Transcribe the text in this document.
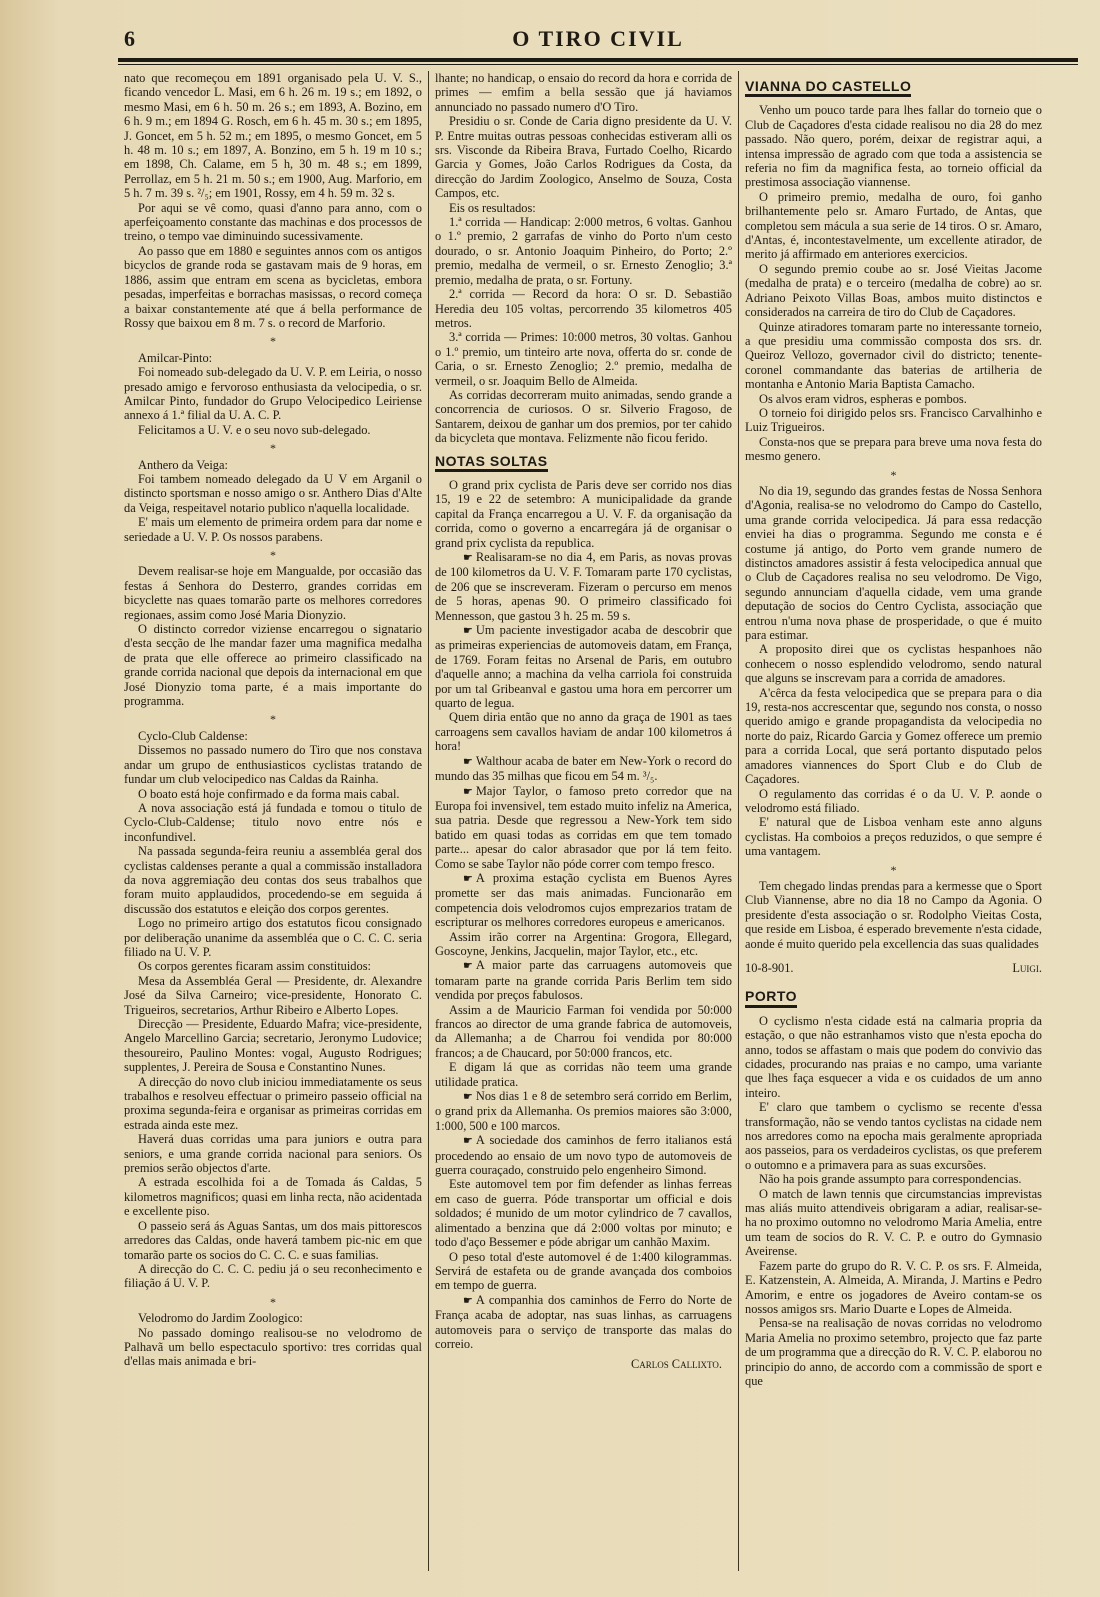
6	O TIRO CIVIL

nato que recomeçou em 1891 organisado pela U. V. S., ficando vencedor L. Masi, em 6 h. 26 m. 19 s.; em 1892, o mesmo Masi, em 6 h. 50 m. 26 s.; em 1893, A. Bozino, em 6 h. 9 m.; em 1894 G. Rosch, em 6 h. 45 m. 30 s.; em 1895, J. Goncet, em 5 h. 52 m.; em 1895, o mesmo Goncet, em 5 h. 48 m. 10 s.; em 1897, A. Bonzino, em 5 h. 19 m 10 s.; em 1898, Ch. Calame, em 5 h, 30 m. 48 s.; em 1899, Perrollaz, em 5 h. 21 m. 50 s.; em 1900, Aug. Marforio, em 5 h. 7 m. 39 s. ²/₅; em 1901, Rossy, em 4 h. 59 m. 32 s.

Por aqui se vê como, quasi d'anno para anno, com o aperfeiçoamento constante das machinas e dos processos de treino, o tempo vae diminuindo sucessivamente.

Ao passo que em 1880 e seguintes annos com os antigos bicyclos de grande roda se gastavam mais de 9 horas, em 1886, assim que entram em scena as bycicletas, embora pesadas, imperfeitas e borrachas masissas, o record começa a baixar constantemente até que á bella performance de Rossy que baixou em 8 m. 7 s. o record de Marforio.

*

Amilcar-Pinto:

Foi nomeado sub-delegado da U. V. P. em Leiria, o nosso presado amigo e fervoroso enthusiasta da velocipedia, o sr. Amilcar Pinto, fundador do Grupo Velocipedico Leiriense annexo á 1.ª filial da U. A. C. P.

Felicitamos a U. V. e o seu novo sub-delegado.

*

Anthero da Veiga:

Foi tambem nomeado delegado da U V em Arganil o distincto sportsman e nosso amigo o sr. Anthero Dias d'Alte da Veiga, respeitavel notario publico n'aquella localidade.

E' mais um elemento de primeira ordem para dar nome e seriedade a U. V. P. Os nossos parabens.

*

Devem realisar-se hoje em Mangualde, por occasião das festas á Senhora do Desterro, grandes corridas em bicyclette nas quaes tomarão parte os melhores corredores regionaes, assim como José Maria Dionyzio.

O distincto corredor viziense encarregou o signatario d'esta secção de lhe mandar fazer uma magnifica medalha de prata que elle offerece ao primeiro classificado na grande corrida nacional que depois da internacional em que José Dionyzio toma parte, é a mais importante do programma.

*

Cyclo-Club Caldense:

Dissemos no passado numero do Tiro que nos constava andar um grupo de enthusiasticos cyclistas tratando de fundar um club velocipedico nas Caldas da Rainha.

O boato está hoje confirmado e da forma mais cabal.

A nova associação está já fundada e tomou o titulo de Cyclo-Club-Caldense; titulo novo entre nós e inconfundivel.

Na passada segunda-feira reuniu a assembléa geral dos cyclistas caldenses perante a qual a commissão installadora da nova aggremiação deu contas dos seus trabalhos que foram muito applaudidos, procedendo-se em seguida á discussão dos estatutos e eleição dos corpos gerentes.

Logo no primeiro artigo dos estatutos ficou consignado por deliberação unanime da assembléa que o C. C. C. seria filiado na U. V. P.

Os corpos gerentes ficaram assim constituidos:

Mesa da Assembléa Geral — Presidente, dr. Alexandre José da Silva Carneiro; vice-presidente, Honorato C. Trigueiros, secretarios, Arthur Ribeiro e Alberto Lopes.

Direcção — Presidente, Eduardo Mafra; vice-presidente, Angelo Marcellino Garcia; secretario, Jeronymo Ludovice; thesoureiro, Paulino Montes: vogal, Augusto Rodrigues; supplentes, J. Pereira de Sousa e Constantino Nunes.

A direcção do novo club iniciou immediatamente os seus trabalhos e resolveu effectuar o primeiro passeio official na proxima segunda-feira e organisar as primeiras corridas em estrada ainda este mez.

Haverá duas corridas uma para juniors e outra para seniors, e uma grande corrida nacional para seniors. Os premios serão objectos d'arte.

A estrada escolhida foi a de Tomada ás Caldas, 5 kilometros magnificos; quasi em linha recta, não acidentada e excellente piso.

O passeio será ás Aguas Santas, um dos mais pittorescos arredores das Caldas, onde haverá tambem pic-nic em que tomarão parte os socios do C. C. C. e suas familias.

A direcção do C. C. C. pediu já o seu reconhecimento e filiação á U. V. P.

*

Velodromo do Jardim Zoologico:

No passado domingo realisou-se no velodromo de Palhavã um bello espectaculo sportivo: tres corridas qual d'ellas mais animada e bri-

lhante; no handicap, o ensaio do record da hora e corrida de primes — emfim a bella sessão que já haviamos annunciado no passado numero d'O Tiro.

Presidiu o sr. Conde de Caria digno presidente da U. V. P. Entre muitas outras pessoas conhecidas estiveram alli os srs. Visconde da Ribeira Brava, Furtado Coelho, Ricardo Garcia y Gomes, João Carlos Rodrigues da Costa, da direcção do Jardim Zoologico, Anselmo de Souza, Costa Campos, etc.

Eis os resultados:

1.ª corrida — Handicap: 2:000 metros, 6 voltas. Ganhou o 1.º premio, 2 garrafas de vinho do Porto n'um cesto dourado, o sr. Antonio Joaquim Pinheiro, do Porto; 2.º premio, medalha de vermeil, o sr. Ernesto Zenoglio; 3.ª premio, medalha de prata, o sr. Fortuny.

2.ª corrida — Record da hora: O sr. D. Sebastião Heredia deu 105 voltas, percorrendo 35 kilometros 405 metros.

3.ª corrida — Primes: 10:000 metros, 30 voltas. Ganhou o 1.º premio, um tinteiro arte nova, offerta do sr. conde de Caria, o sr. Ernesto Zenoglio; 2.º premio, medalha de vermeil, o sr. Joaquim Bello de Almeida.

As corridas decorreram muito animadas, sendo grande a concorrencia de curiosos. O sr. Silverio Fragoso, de Santarem, deixou de ganhar um dos premios, por ter cahido da bicycleta que montava. Felizmente não ficou ferido.

NOTAS SOLTAS

O grand prix cyclista de Paris deve ser corrido nos dias 15, 19 e 22 de setembro: A municipalidade da grande capital da França encarregou a U. V. F. da organisação da corrida, como o governo a encarregára já de organisar o grand prix cyclista da republica.

☛ Realisaram-se no dia 4, em Paris, as novas provas de 100 kilometros da U. V. F. Tomaram parte 170 cyclistas, de 206 que se inscreveram. Fizeram o percurso em menos de 5 horas, apenas 90. O primeiro classificado foi Mennesson, que gastou 3 h. 25 m. 59 s.

☛ Um paciente investigador acaba de descobrir que as primeiras experiencias de automoveis datam, em França, de 1769. Foram feitas no Arsenal de Paris, em outubro d'aquelle anno; a machina da velha carriola foi construida por um tal Gribeanval e gastou uma hora em percorrer um quarto de legua.

Quem diria então que no anno da graça de 1901 as taes carroagens sem cavallos haviam de andar 100 kilometros á hora!

☛ Walthour acaba de bater em New-York o record do mundo das 35 milhas que ficou em 54 m. ³/₅.

☛ Major Taylor, o famoso preto corredor que na Europa foi invensivel, tem estado muito infeliz na America, sua patria. Desde que regressou a New-York tem sido batido em quasi todas as corridas em que tem tomado parte... apesar do calor abrasador que por lá tem feito. Como se sabe Taylor não póde correr com tempo fresco.

☛ A proxima estação cyclista em Buenos Ayres promette ser das mais animadas. Funcionarão em competencia dois velodromos cujos emprezarios tratam de escripturar os melhores corredores europeus e americanos.

Assim irão correr na Argentina: Grogora, Ellegard, Goscoyne, Jenkins, Jacquelin, major Taylor, etc., etc.

☛ A maior parte das carruagens automoveis que tomaram parte na grande corrida Paris Berlim tem sido vendida por preços fabulosos.

Assim a de Mauricio Farman foi vendida por 50:000 francos ao director de uma grande fabrica de automoveis, da Allemanha; a de Charrou foi vendida por 80:000 francos; a de Chaucard, por 50:000 francos, etc.

E digam lá que as corridas não teem uma grande utilidade pratica.

☛ Nos dias 1 e 8 de setembro será corrido em Berlim, o grand prix da Allemanha. Os premios maiores são 3:000, 1:000, 500 e 100 marcos.

☛ A sociedade dos caminhos de ferro italianos está procedendo ao ensaio de um novo typo de automoveis de guerra couraçado, construido pelo engenheiro Simond.

Este automovel tem por fim defender as linhas ferreas em caso de guerra. Póde transportar um official e dois soldados; é munido de um motor cylindrico de 7 cavallos, alimentado a benzina que dá 2:000 voltas por minuto; e todo d'aço Bessemer e póde abrigar um canhão Maxim.

O peso total d'este automovel é de 1:400 kilogrammas. Servirá de estafeta ou de grande avançada dos comboios em tempo de guerra.

☛ A companhia dos caminhos de Ferro do Norte de França acaba de adoptar, nas suas linhas, as carruagens automoveis para o serviço de transporte das malas do correio.

Carlos Callixto.
VIANNA DO CASTELLO

Venho um pouco tarde para lhes fallar do torneio que o Club de Caçadores d'esta cidade realisou no dia 28 do mez passado. Não quero, porém, deixar de registrar aqui, a intensa impressão de agrado com que toda a assistencia se referia no fim da magnifica festa, ao torneio official da prestimosa associação viannense.

O primeiro premio, medalha de ouro, foi ganho brilhantemente pelo sr. Amaro Furtado, de Antas, que completou sem mácula a sua serie de 14 tiros. O sr. Amaro, d'Antas, é, incontestavelmente, um excellente atirador, de merito já affirmado em anteriores exercicios.

O segundo premio coube ao sr. José Vieitas Jacome (medalha de prata) e o terceiro (medalha de cobre) ao sr. Adriano Peixoto Villas Boas, ambos muito distinctos e considerados na carreira de tiro do Club de Caçadores.

Quinze atiradores tomaram parte no interessante torneio, a que presidiu uma commissão composta dos srs. dr. Queiroz Vellozo, governador civil do districto; tenente-coronel commandante das baterias de artilheria de montanha e Antonio Maria Baptista Camacho.

Os alvos eram vidros, espheras e pombos.

O torneio foi dirigido pelos srs. Francisco Carvalhinho e Luiz Trigueiros.

Consta-nos que se prepara para breve uma nova festa do mesmo genero.

*

No dia 19, segundo das grandes festas de Nossa Senhora d'Agonia, realisa-se no velodromo do Campo do Castello, uma grande corrida velocipedica. Já para essa redacção enviei ha dias o programma. Segundo me consta e é costume já antigo, do Porto vem grande numero de distinctos amadores assistir á festa velocipedica annual que o Club de Caçadores realisa no seu velodromo. De Vigo, segundo annunciam d'aquella cidade, vem uma grande deputação de socios do Centro Cyclista, associação que entrou n'uma nova phase de prosperidade, o que é muito para estimar.

A proposito direi que os cyclistas hespanhoes não conhecem o nosso esplendido velodromo, sendo natural que alguns se inscrevam para a corrida de amadores.

A'cêrca da festa velocipedica que se prepara para o dia 19, resta-nos accrescentar que, segundo nos consta, o nosso querido amigo e grande propagandista da velocipedia no norte do paiz, Ricardo Garcia y Gomez offerece um premio para a corrida Local, que será portanto disputado pelos amadores viannences do Sport Club e do Club de Caçadores.

O regulamento das corridas é o da U. V. P. aonde o velodromo está filiado.

E' natural que de Lisboa venham este anno alguns cyclistas. Ha comboios a preços reduzidos, o que sempre é uma vantagem.

*

Tem chegado lindas prendas para a kermesse que o Sport Club Viannense, abre no dia 18 no Campo da Agonia. O presidente d'esta associação o sr. Rodolpho Vieitas Costa, que reside em Lisboa, é esperado brevemente n'esta cidade, aonde é muito querido pela excellencia das suas qualidades

10-8-901.	Luigi.
PORTO

O cyclismo n'esta cidade está na calmaria propria da estação, o que não estranhamos visto que n'esta epocha do anno, todos se affastam o mais que podem do convivio das cidades, procurando nas praias e no campo, uma variante que lhes faça esquecer a vida e os cuidados de um anno inteiro.

E' claro que tambem o cyclismo se recente d'essa transformação, não se vendo tantos cyclistas na cidade nem nos arredores como na epocha mais geralmente apropriada aos passeios, para os verdadeiros cyclistas, os que preferem o outomno e a primavera para as suas excursões.

Não ha pois grande assumpto para correspondencias.

O match de lawn tennis que circumstancias imprevistas mas aliás muito attendiveis obrigaram a adiar, realisar-se-ha no proximo outomno no velodromo Maria Amelia, entre um team de socios do R. V. C. P. e outro do Gymnasio Aveirense.

Fazem parte do grupo do R. V. C. P. os srs. F. Almeida, E. Katzenstein, A. Almeida, A. Miranda, J. Martins e Pedro Amorim, e entre os jogadores de Aveiro contam-se os nossos amigos srs. Mario Duarte e Lopes de Almeida.

Pensa-se na realisação de novas corridas no velodromo Maria Amelia no proximo setembro, projecto que faz parte de um programma que a direcção do R. V. C. P. elaborou no principio do anno, de accordo com a commissão de sport e que
